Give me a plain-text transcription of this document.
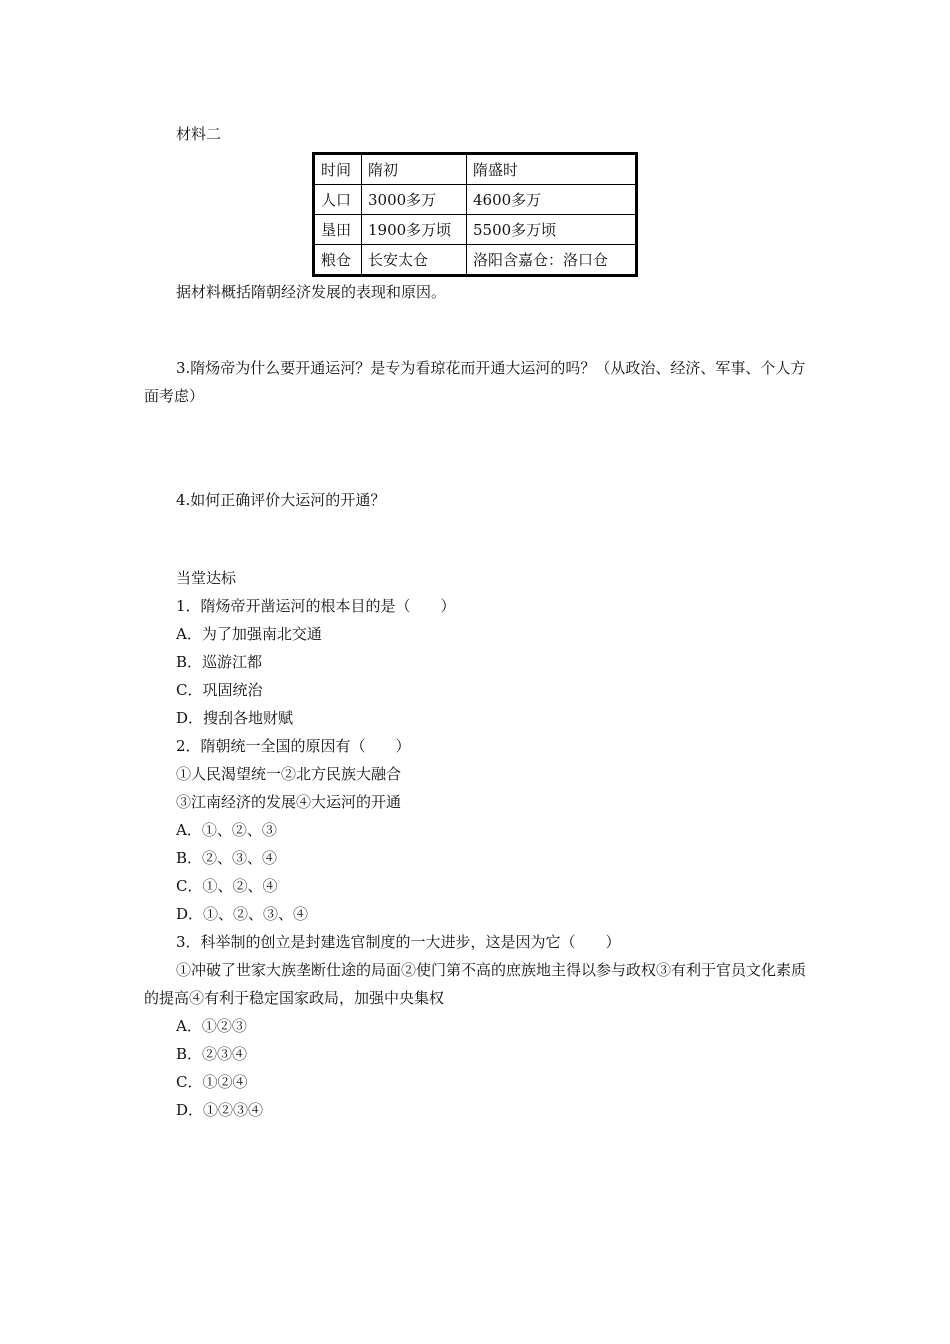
材料二
时间	隋初	隋盛时
人口	3000多万	4600多万
垦田	1900多万顷	5500多万顷
粮仓	长安太仓	洛阳含嘉仓：洛口仓
据材料概括隋朝经济发展的表现和原因。
3.隋炀帝为什么要开通运河？是专为看琼花而开通大运河的吗？（从政治、经济、军事、个人方面考虑）
4.如何正确评价大运河的开通？
当堂达标
1．隋炀帝开凿运河的根本目的是（　　）
A．为了加强南北交通
B．巡游江都
C．巩固统治
D．搜刮各地财赋
2．隋朝统一全国的原因有（　　）
①人民渴望统一②北方民族大融合
③江南经济的发展④大运河的开通
A．①、②、③
B．②、③、④
C．①、②、④
D．①、②、③、④
3．科举制的创立是封建选官制度的一大进步，这是因为它（　　）
①冲破了世家大族垄断仕途的局面②使门第不高的庶族地主得以参与政权③有利于官员文化素质的提高④有利于稳定国家政局，加强中央集权
A．①②③
B．②③④
C．①②④
D．①②③④
